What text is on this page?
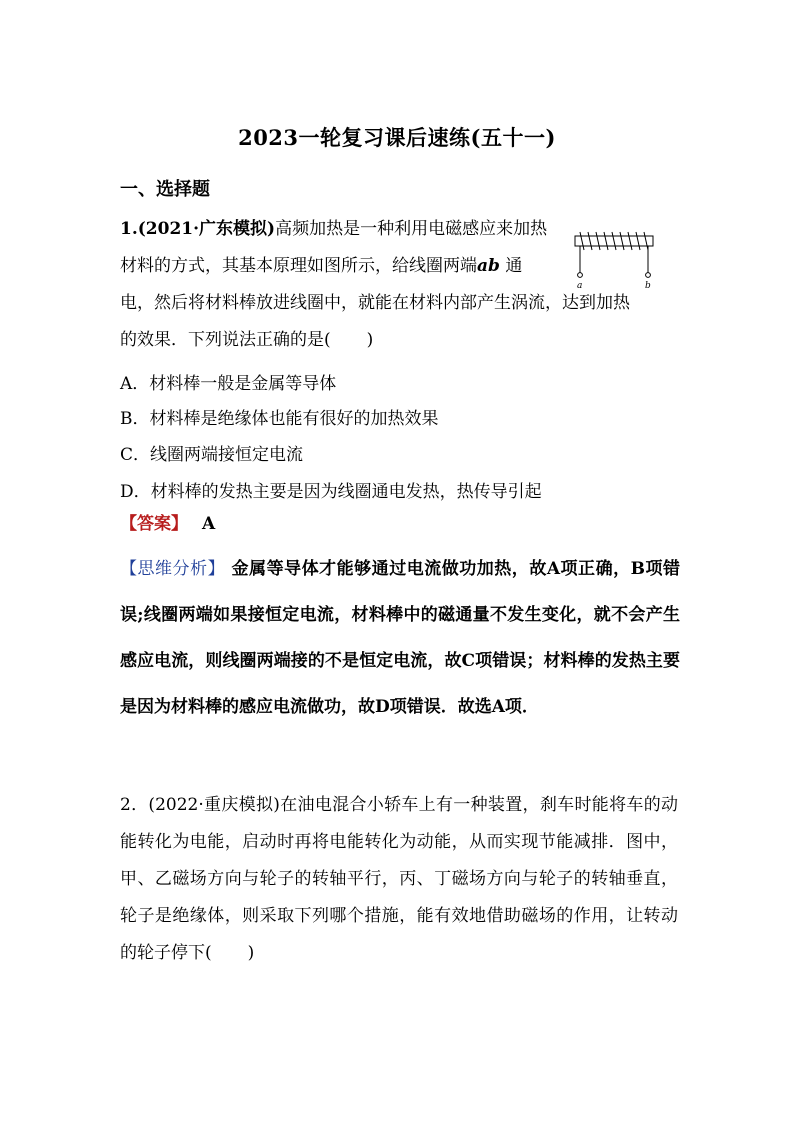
2023一轮复习课后速练(五十一)
一、选择题
a	b
1.(2021·广东模拟)高频加热是一种利用电磁感应来加热
材料的方式，其基本原理如图所示，给线圈两端ab 通
电，然后将材料棒放进线圈中，就能在材料内部产生涡流，达到加热
的效果．下列说法正确的是( )
A．材料棒一般是金属等导体
B．材料棒是绝缘体也能有很好的加热效果
C．线圈两端接恒定电流
D．材料棒的发热主要是因为线圈通电发热，热传导引起
【答案】 A
【思维分析】 金属等导体才能够通过电流做功加热，故A项正确，B项错误;线圈两端如果接恒定电流，材料棒中的磁通量不发生变化，就不会产生感应电流，则线圈两端接的不是恒定电流，故C项错误；材料棒的发热主要是因为材料棒的感应电流做功，故D项错误．故选A项．
2．(2022·重庆模拟)在油电混合小轿车上有一种装置，刹车时能将车的动能转化为电能，启动时再将电能转化为动能，从而实现节能减排．图中，甲、乙磁场方向与轮子的转轴平行，丙、丁磁场方向与轮子的转轴垂直，轮子是绝缘体，则采取下列哪个措施，能有效地借助磁场的作用，让转动的轮子停下( )
